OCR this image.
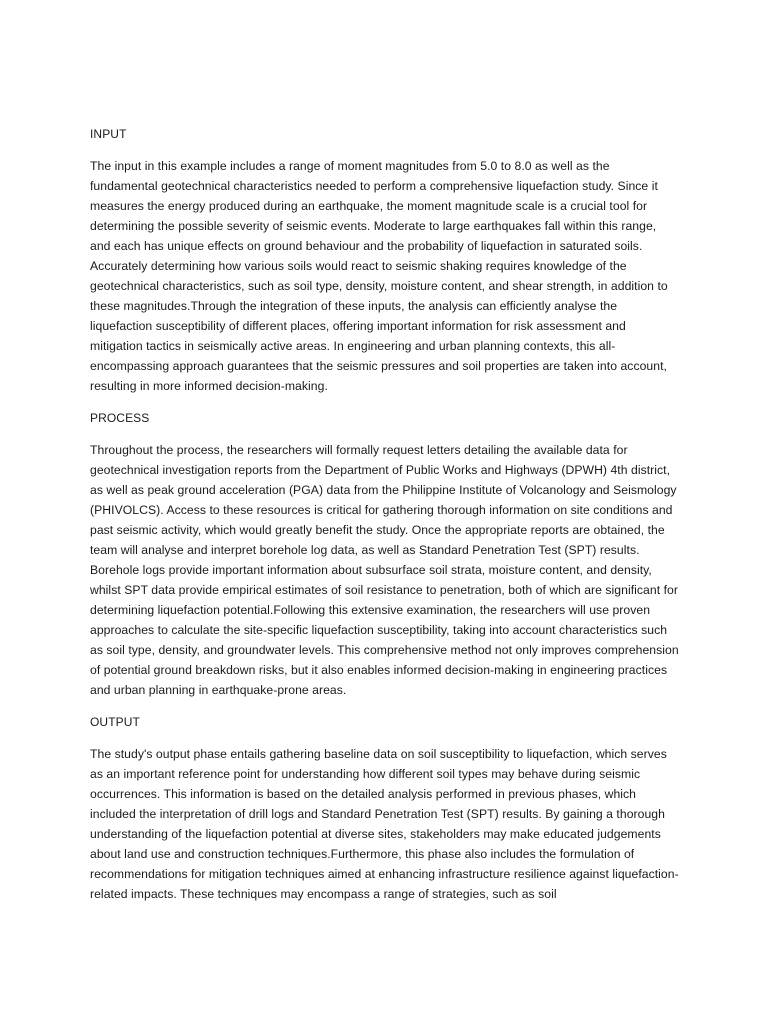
INPUT
The input in this example includes a range of moment magnitudes from 5.0 to 8.0 as well as the fundamental geotechnical characteristics needed to perform a comprehensive liquefaction study. Since it measures the energy produced during an earthquake, the moment magnitude scale is a crucial tool for determining the possible severity of seismic events. Moderate to large earthquakes fall within this range, and each has unique effects on ground behaviour and the probability of liquefaction in saturated soils. Accurately determining how various soils would react to seismic shaking requires knowledge of the geotechnical characteristics, such as soil type, density, moisture content, and shear strength, in addition to these magnitudes.Through the integration of these inputs, the analysis can efficiently analyse the liquefaction susceptibility of different places, offering important information for risk assessment and mitigation tactics in seismically active areas. In engineering and urban planning contexts, this all-encompassing approach guarantees that the seismic pressures and soil properties are taken into account, resulting in more informed decision-making.
PROCESS
Throughout the process, the researchers will formally request letters detailing the available data for geotechnical investigation reports from the Department of Public Works and Highways (DPWH) 4th district, as well as peak ground acceleration (PGA) data from the Philippine Institute of Volcanology and Seismology (PHIVOLCS). Access to these resources is critical for gathering thorough information on site conditions and past seismic activity, which would greatly benefit the study. Once the appropriate reports are obtained, the team will analyse and interpret borehole log data, as well as Standard Penetration Test (SPT) results. Borehole logs provide important information about subsurface soil strata, moisture content, and density, whilst SPT data provide empirical estimates of soil resistance to penetration, both of which are significant for determining liquefaction potential.Following this extensive examination, the researchers will use proven approaches to calculate the site-specific liquefaction susceptibility, taking into account characteristics such as soil type, density, and groundwater levels. This comprehensive method not only improves comprehension of potential ground breakdown risks, but it also enables informed decision-making in engineering practices and urban planning in earthquake-prone areas.
OUTPUT
The study's output phase entails gathering baseline data on soil susceptibility to liquefaction, which serves as an important reference point for understanding how different soil types may behave during seismic occurrences. This information is based on the detailed analysis performed in previous phases, which included the interpretation of drill logs and Standard Penetration Test (SPT) results. By gaining a thorough understanding of the liquefaction potential at diverse sites, stakeholders may make educated judgements about land use and construction techniques.Furthermore, this phase also includes the formulation of recommendations for mitigation techniques aimed at enhancing infrastructure resilience against liquefaction-related impacts. These techniques may encompass a range of strategies, such as soil
